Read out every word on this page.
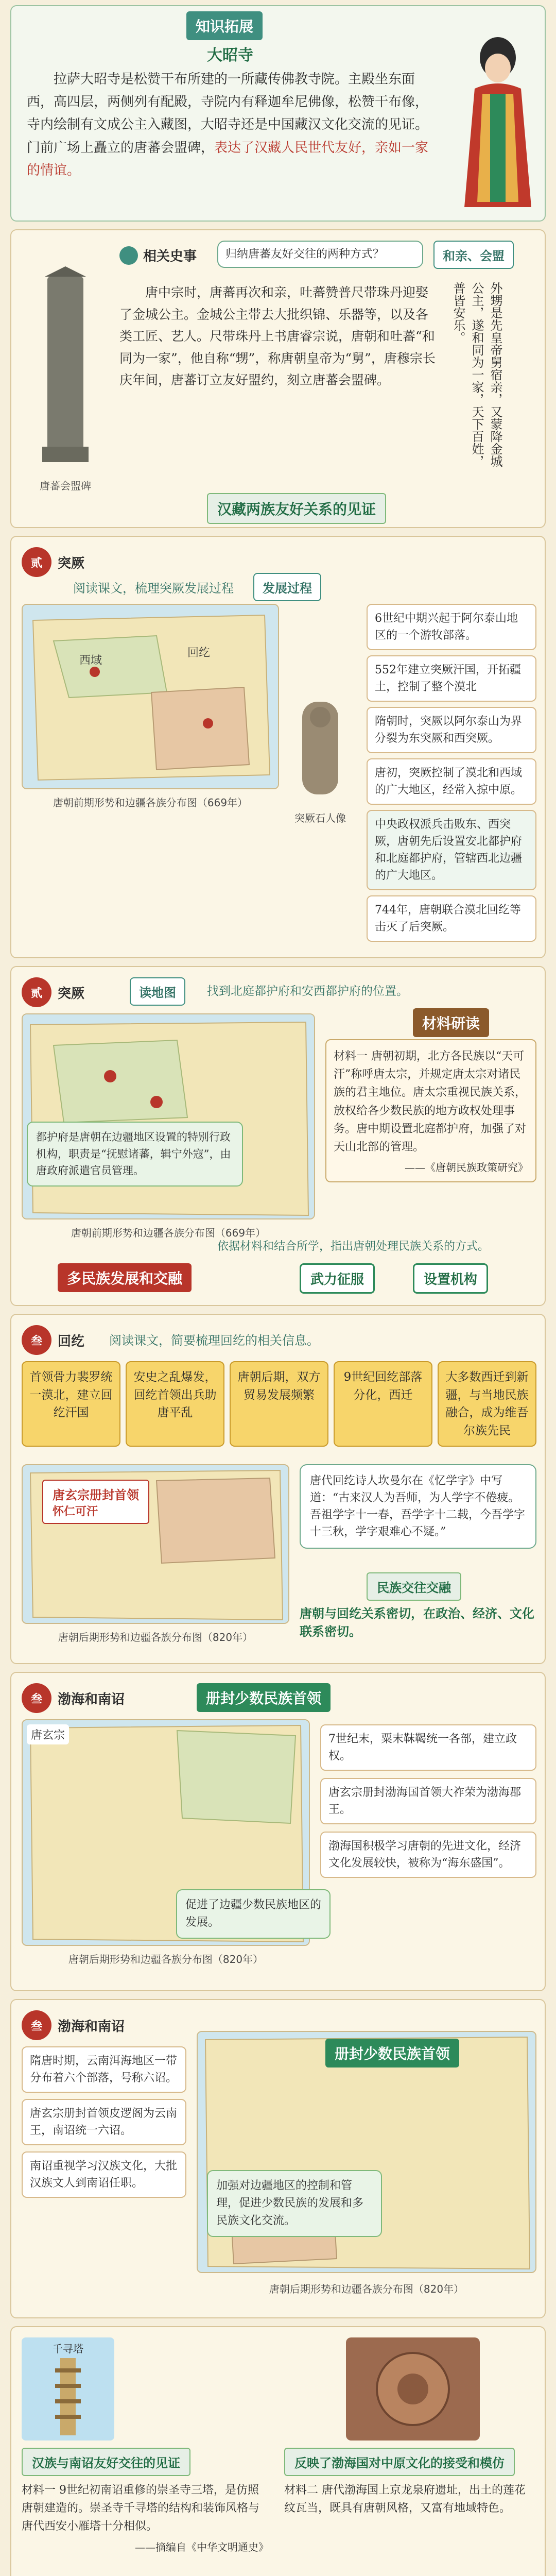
知识拓展
大昭寺
拉萨大昭寺是松赞干布所建的一所藏传佛教寺院。主殿坐东面西，高四层，两侧列有配殿，寺院内有释迦牟尼佛像，松赞干布像，寺内绘制有文成公主入藏图，大昭寺还是中国藏汉文化交流的见证。门前广场上矗立的唐蕃会盟碑，表达了汉藏人民世代友好，亲如一家的情谊。
唐蕃会盟碑
相关史事	归纳唐蕃友好交往的两种方式？	和亲、会盟
唐中宗时，唐蕃再次和亲，吐蕃赞普尺带珠丹迎娶了金城公主。金城公主带去大批织锦、乐器等，以及各类工匠、艺人。尺带珠丹上书唐睿宗说，唐朝和吐蕃“和同为一家”，他自称“甥”，称唐朝皇帝为“舅”，唐穆宗长庆年间，唐蕃订立友好盟约，刻立唐蕃会盟碑。	外甥是先皇帝舅宿亲，又蒙降金城公主，遂和同为一家，天下百姓，普皆安乐。
汉藏两族友好关系的见证
贰	突厥
阅读课文，梳理突厥发展过程	发展过程
西域
回纥
唐朝前期形势和边疆各族分布图（669年）
突厥石人像
6世纪中期兴起于阿尔泰山地区的一个游牧部落。
552年建立突厥汗国，开拓疆土，控制了整个漠北
隋朝时，突厥以阿尔泰山为界分裂为东突厥和西突厥。
唐初，突厥控制了漠北和西域的广大地区，经常入掠中原。
中央政权派兵击败东、西突厥，唐朝先后设置安北都护府和北庭都护府，管辖西北边疆的广大地区。
744年，唐朝联合漠北回纥等击灭了后突厥。
贰	突厥	读地图	找到北庭都护府和安西都护府的位置。
都护府是唐朝在边疆地区设置的特别行政机构，职责是“抚慰诸蕃，辑宁外寇”，由唐政府派遣官员管理。
唐朝前期形势和边疆各族分布图（669年）
材料研读
材料一 唐朝初期，北方各民族以“天可汗”称呼唐太宗，并规定唐太宗对诸民族的君主地位。唐太宗重视民族关系，放权给各少数民族的地方政权处理事务。唐中期设置北庭都护府，加强了对天山北部的管理。
——《唐朝民族政策研究》
依据材料和结合所学，指出唐朝处理民族关系的方式。
多民族发展和交融	武力征服	设置机构
叁	回纥 阅读课文，简要梳理回纥的相关信息。
首领骨力裴罗统一漠北，建立回纥汗国
安史之乱爆发，回纥首领出兵助唐平乱
唐朝后期，双方贸易发展频繁
9世纪回纥部落分化，西迁
大多数西迁到新疆，与当地民族融合，成为维吾尔族先民
唐玄宗册封首领
怀仁可汗
唐朝后期形势和边疆各族分布图（820年）
唐代回纥诗人坎曼尔在《忆学字》中写道：“古来汉人为吾师，为人学字不倦疲。吾祖学字十一春，吾学字十二载，今吾学字十三秋，学字艰难心不疑。”
民族交往交融
唐朝与回纥关系密切，在政治、经济、文化联系密切。
叁	渤海和南诏	册封少数民族首领
唐玄宗
唐朝后期形势和边疆各族分布图（820年）
7世纪末，粟末靺鞨统一各部，建立政权。
唐玄宗册封渤海国首领大祚荣为渤海郡王。
渤海国积极学习唐朝的先进文化，经济文化发展较快，被称为“海东盛国”。
促进了边疆少数民族地区的发展。
叁	渤海和南诏
隋唐时期，云南洱海地区一带分布着六个部落，号称六诏。
唐玄宗册封首领皮逻阁为云南王，南诏统一六诏。
南诏重视学习汉族文化，大批汉族文人到南诏任职。
册封少数民族首领
加强对边疆地区的控制和管理，促进少数民族的发展和多民族文化交流。
唐朝后期形势和边疆各族分布图（820年）
千寻塔
汉族与南诏友好交往的见证
材料一 9世纪初南诏重修的崇圣寺三塔，是仿照唐朝建造的。崇圣寺千寻塔的结构和装饰风格与唐代西安小雁塔十分相似。
——摘编自《中华文明通史》
反映了渤海国对中原文化的接受和模仿
材料二 唐代渤海国上京龙泉府遗址，出土的莲花纹瓦当，既具有唐朝风格，又富有地域特色。
